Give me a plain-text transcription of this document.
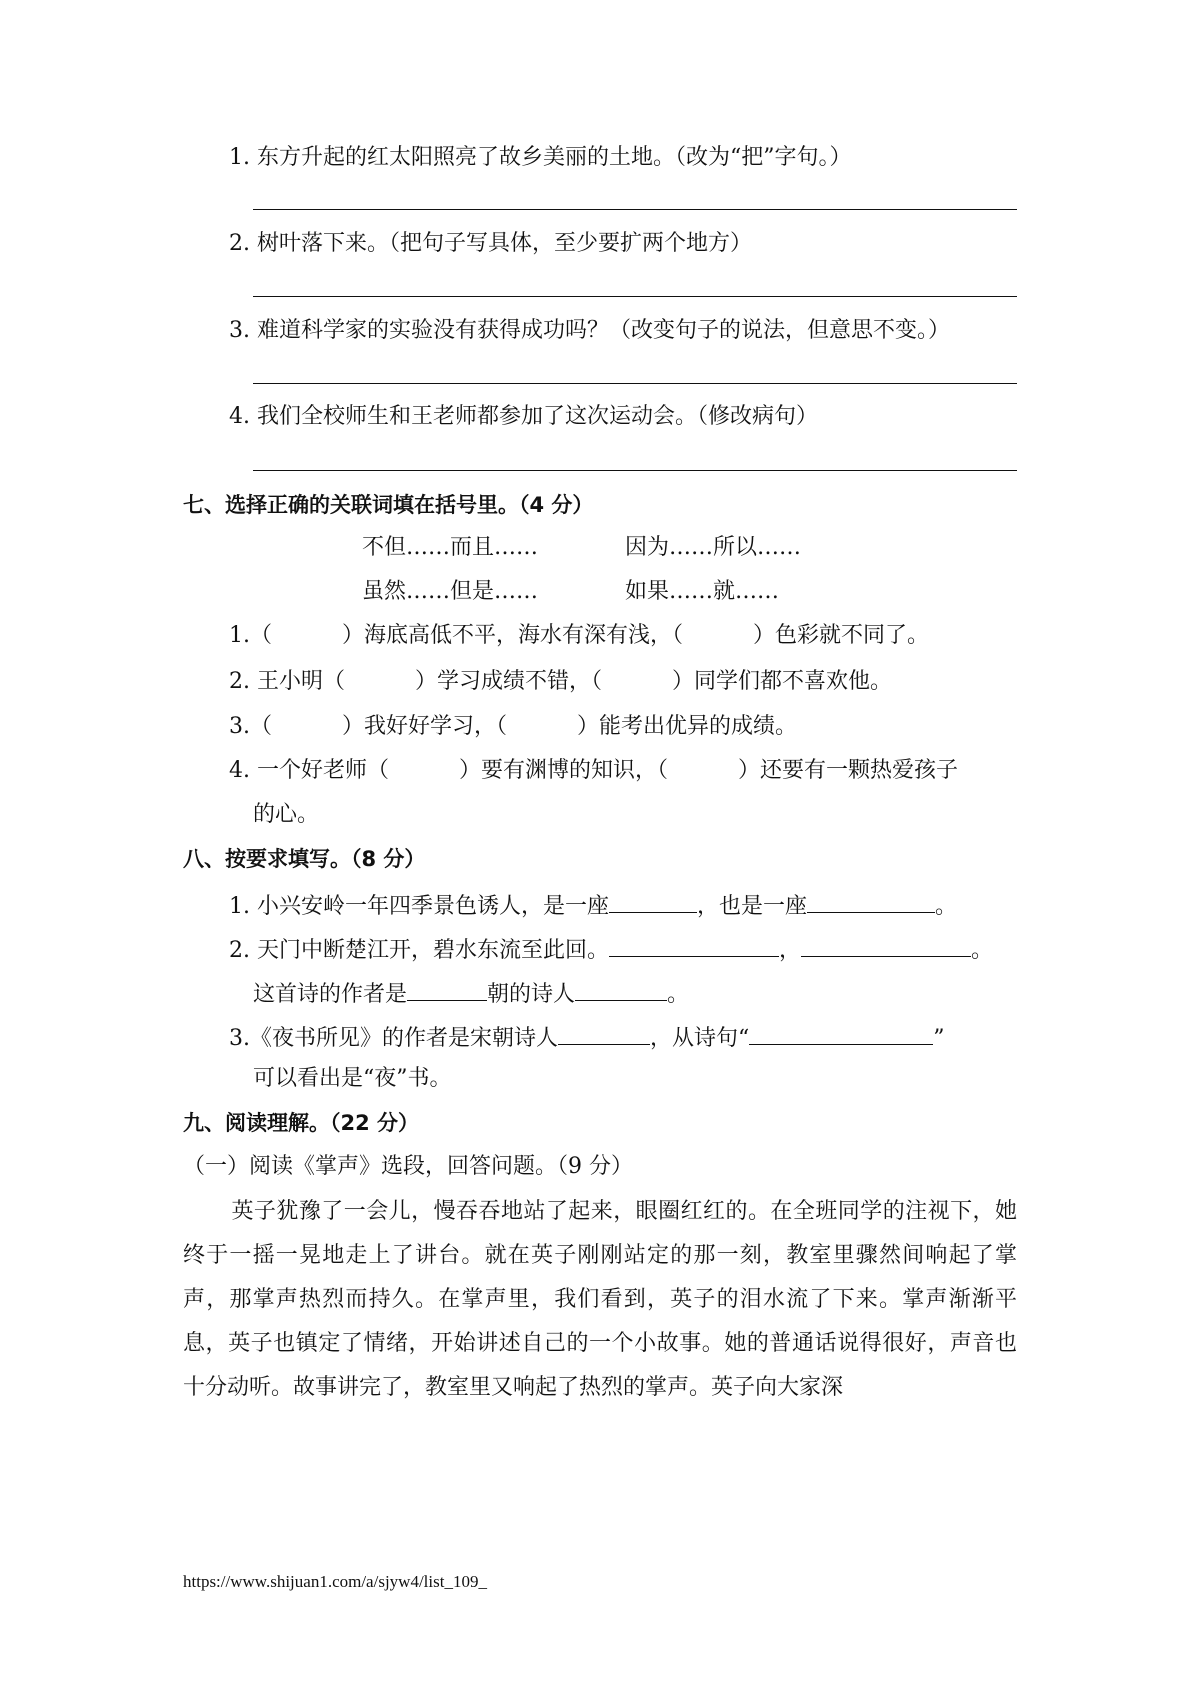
1. 东方升起的红太阳照亮了故乡美丽的土地。（改为“把”字句。）
2. 树叶落下来。（把句子写具体，至少要扩两个地方）
3. 难道科学家的实验没有获得成功吗？（改变句子的说法，但意思不变。）
4. 我们全校师生和王老师都参加了这次运动会。（修改病句）
七、选择正确的关联词填在括号里。（4 分）
不但……而且……	因为……所以……
虽然……但是……	如果……就……
1.（	）海底高低不平，海水有深有浅，（	）色彩就不同了。
2. 王小明（	）学习成绩不错，（	）同学们都不喜欢他。
3.（	）我好好学习，（	）能考出优异的成绩。
4. 一个好老师（	）要有渊博的知识，（	）还要有一颗热爱孩子
的心。
八、按要求填写。（8 分）
1. 小兴安岭一年四季景色诱人，是一座	，也是一座	。
2. 天门中断楚江开，碧水东流至此回。	，	。
这首诗的作者是	朝的诗人	。
3.《夜书所见》的作者是宋朝诗人	，从诗句“	”
可以看出是“夜”书。
九、阅读理解。（22 分）
（一）阅读《掌声》选段，回答问题。（9 分）
英子犹豫了一会儿，慢吞吞地站了起来，眼圈红红的。在全班同学的注视下，她终于一摇一晃地走上了讲台。就在英子刚刚站定的那一刻，教室里骤然间响起了掌声，那掌声热烈而持久。在掌声里，我们看到，英子的泪水流了下来。掌声渐渐平息，英子也镇定了情绪，开始讲述自己的一个小故事。她的普通话说得很好，声音也十分动听。故事讲完了，教室里又响起了热烈的掌声。英子向大家深
https://www.shijuan1.com/a/sjyw4/list_109_
